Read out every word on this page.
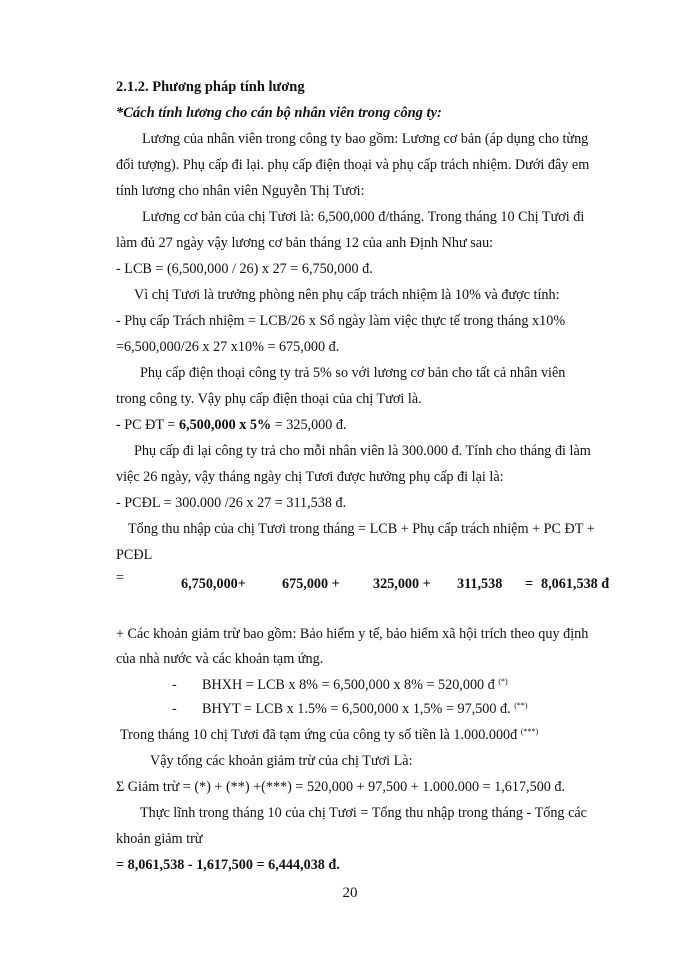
2.1.2. Phương pháp tính lương

*Cách tính lương cho cán bộ nhân viên trong công ty:

Lương của nhân viên trong công ty bao gồm: Lương cơ bản (áp dụng cho từng

đối tượng). Phụ cấp đi lại. phụ cấp điện thoại và phụ cấp trách nhiệm. Dưới đây em

tính lương cho nhân viên Nguyễn Thị Tươi:

Lương cơ bản của chị Tươi là: 6,500,000 đ/tháng. Trong tháng 10 Chị Tươi đi

làm đủ 27 ngày vậy lương cơ bản tháng 12 của anh Định Như sau:

- LCB = (6,500,000 / 26) x 27 = 6,750,000 đ.

Vì chị Tươi là trưởng phòng nên phụ cấp trách nhiệm là 10% và được tính:

- Phụ cấp Trách nhiệm = LCB/26 x Số ngày làm việc thực tế trong tháng x10%

=6,500,000/26 x 27 x10% = 675,000 đ.

Phụ cấp điện thoại công ty trả 5% so với lương cơ bản cho tất cả nhân viên

trong công ty. Vậy phụ cấp điện thoại của chị Tươi là.

- PC ĐT = 6,500,000 x 5% = 325,000 đ.

Phụ cấp đi lại công ty trả cho mỗi nhân viên là 300.000 đ. Tính cho tháng đi làm

việc 26 ngày, vậy tháng ngày chị Tươi được hưởng phụ cấp đi lại là:

- PCĐL = 300.000 /26 x 27 = 311,538 đ.

Tổng thu nhập của chị Tươi trong tháng = LCB + Phụ cấp trách nhiệm + PC ĐT +

PCĐL

=	6,750,000+	675,000 + 325,000 + 311,538 = 8,061,538 đ

+ Các khoản giảm trừ bao gồm: Bảo hiểm y tế, bảo hiểm xã hội trích theo quy định

của nhà nước và các khoản tạm ứng.

- BHXH = LCB x 8% = 6,500,000 x 8% = 520,000 đ (*)

- BHYT = LCB x 1.5% = 6,500,000 x 1,5% = 97,500 đ. (**)

Trong tháng 10 chị Tươi đã tạm ứng của công ty số tiền là 1.000.000đ (***)

Vậy tổng các khoản giảm trừ của chị Tươi Là:

Σ Giảm trừ = (*) + (**) +(***) = 520,000 + 97,500 + 1.000.000 = 1,617,500 đ.

Thực lĩnh trong tháng 10 của chị Tươi = Tổng thu nhập trong tháng - Tổng các

khoản giảm trừ

= 8,061,538 - 1,617,500 = 6,444,038 đ.

20
